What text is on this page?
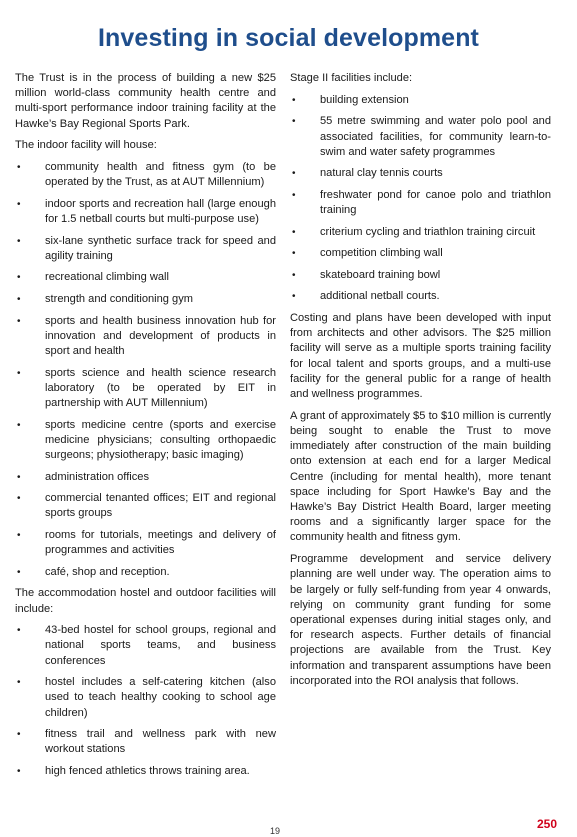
Investing in social development

The Trust is in the process of building a new $25 million world-class community health centre and multi-sport performance indoor training facility at the Hawke’s Bay Regional Sports Park.

The indoor facility will house:

• community health and fitness gym (to be operated by the Trust, as at AUT Millennium)
• indoor sports and recreation hall (large enough for 1.5 netball courts but multi-purpose use)
• six-lane synthetic surface track for speed and agility training
• recreational climbing wall
• strength and conditioning gym
• sports and health business innovation hub for innovation and development of products in sport and health
• sports science and health science research laboratory (to be operated by EIT in partnership with AUT Millennium)
• sports medicine centre (sports and exercise medicine physicians; consulting orthopaedic surgeons; physiotherapy; basic imaging)
• administration offices
• commercial tenanted offices; EIT and regional sports groups
• rooms for tutorials, meetings and delivery of programmes and activities
• café, shop and reception.

The accommodation hostel and outdoor facilities will include:

• 43-bed hostel for school groups, regional and national sports teams, and business conferences
• hostel includes a self-catering kitchen (also used to teach healthy cooking to school age children)
• fitness trail and wellness park with new workout stations
• high fenced athletics throws training area.

Stage II facilities include:

• building extension
• 55 metre swimming and water polo pool and associated facilities, for community learn-to-swim and water safety programmes
• natural clay tennis courts
• freshwater pond for canoe polo and triathlon training
• criterium cycling and triathlon training circuit
• competition climbing wall
• skateboard training bowl
• additional netball courts.

Costing and plans have been developed with input from architects and other advisors. The $25 million facility will serve as a multiple sports training facility for local talent and sports groups, and a multi-use facility for the general public for a range of health and wellness programmes.

A grant of approximately $5 to $10 million is currently being sought to enable the Trust to move immediately after construction of the main building onto extension at each end for a larger Medical Centre (including for mental health), more tenant space including for Sport Hawke’s Bay and the Hawke’s Bay District Health Board, larger meeting rooms and a significantly larger space for the community health and fitness gym.

Programme development and service delivery planning are well under way. The operation aims to be largely or fully self-funding from year 4 onwards, relying on community grant funding for some operational expenses during initial stages only, and for research aspects. Further details of financial projections are available from the Trust. Key information and transparent assumptions have been incorporated into the ROI analysis that follows.

19	250
